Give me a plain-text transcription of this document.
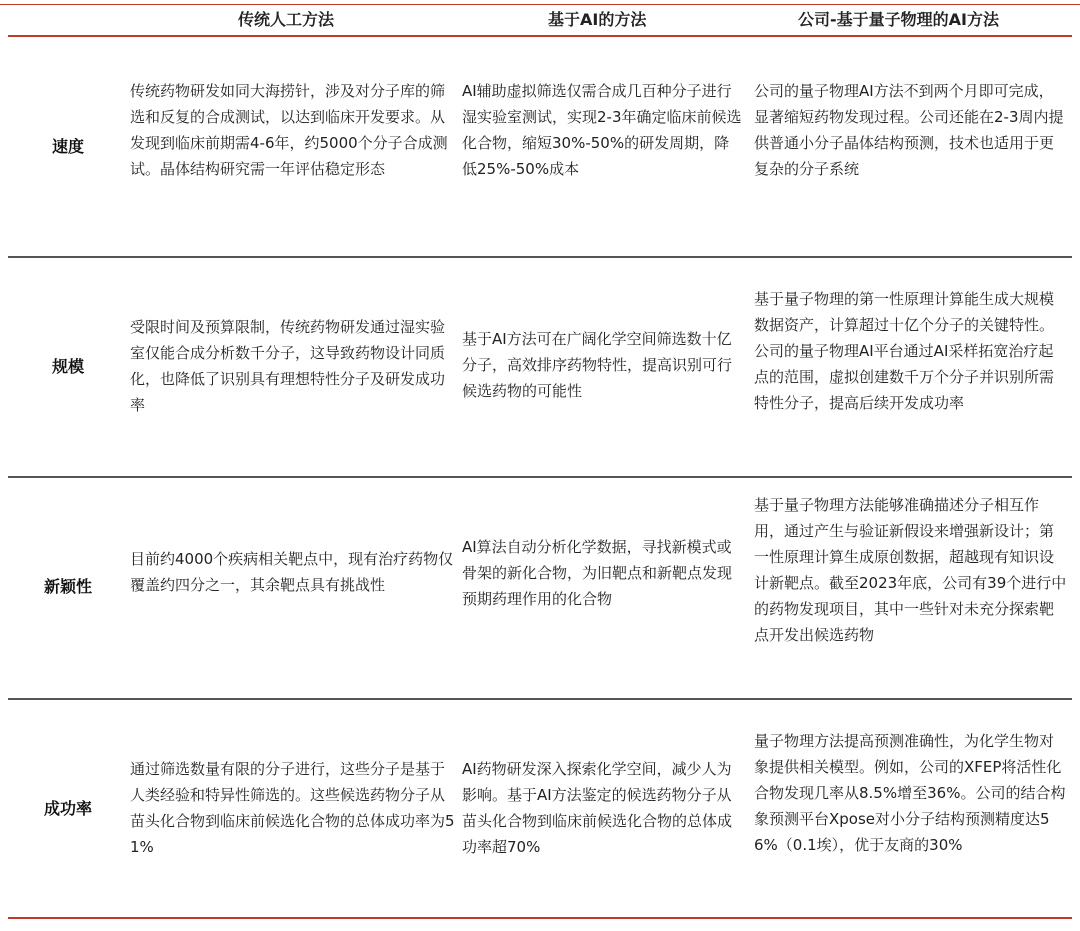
传统人工方法	基于AI的方法	公司-基于量子物理的AI方法
速度
传统药物研发如同大海捞针，涉及对分子库的筛选和反复的合成测试，以达到临床开发要求。从发现到临床前期需4-6年，约5000个分子合成测试。晶体结构研究需一年评估稳定形态
AI辅助虚拟筛选仅需合成几百种分子进行湿实验室测试，实现2-3年确定临床前候选化合物，缩短30%-50%的研发周期，降低25%-50%成本
公司的量子物理AI方法不到两个月即可完成，显著缩短药物发现过程。公司还能在2-3周内提供普通小分子晶体结构预测，技术也适用于更复杂的分子系统
规模
受限时间及预算限制，传统药物研发通过湿实验室仅能合成分析数千分子，这导致药物设计同质化，也降低了识别具有理想特性分子及研发成功率
基于AI方法可在广阔化学空间筛选数十亿分子，高效排序药物特性，提高识别可行候选药物的可能性
基于量子物理的第一性原理计算能生成大规模数据资产，计算超过十亿个分子的关键特性。公司的量子物理AI平台通过AI采样拓宽治疗起点的范围，虚拟创建数千万个分子并识别所需特性分子，提高后续开发成功率
新颖性
目前约4000个疾病相关靶点中，现有治疗药物仅覆盖约四分之一，其余靶点具有挑战性
AI算法自动分析化学数据，寻找新模式或骨架的新化合物，为旧靶点和新靶点发现预期药理作用的化合物
基于量子物理方法能够准确描述分子相互作用，通过产生与验证新假设来增强新设计；第一性原理计算生成原创数据，超越现有知识设计新靶点。截至2023年底，公司有39个进行中的药物发现项目，其中一些针对未充分探索靶点开发出候选药物
成功率
通过筛选数量有限的分子进行，这些分子是基于人类经验和特异性筛选的。这些候选药物分子从苗头化合物到临床前候选化合物的总体成功率为51%
AI药物研发深入探索化学空间，减少人为影响。基于AI方法鉴定的候选药物分子从苗头化合物到临床前候选化合物的总体成功率超70%
量子物理方法提高预测准确性，为化学生物对象提供相关模型。例如，公司的XFEP将活性化合物发现几率从8.5%增至36%。公司的结合构象预测平台Xpose对小分子结构预测精度达56%（0.1埃），优于友商的30%
